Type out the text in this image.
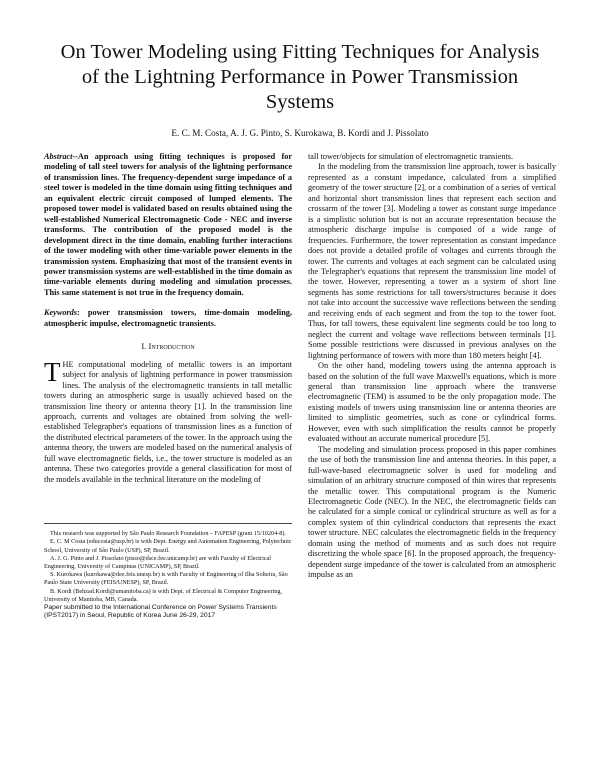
On Tower Modeling using Fitting Techniques for Analysis of the Lightning Performance in Power Transmission Systems
E. C. M. Costa, A. J. G. Pinto, S. Kurokawa, B. Kordi and J. Pissolato

Abstract--An approach using fitting techniques is proposed for modeling of tall steel towers for analysis of the lightning performance of transmission lines. The frequency-dependent surge impedance of a steel tower is modeled in the time domain using fitting techniques and an equivalent electric circuit composed of lumped elements. The proposed tower model is validated based on results obtained using the well-established Numerical Electromagnetic Code - NEC and inverse transforms. The contribution of the proposed model is the development direct in the time domain, enabling further interactions of the tower modeling with other time-variable power elements in the transmission system. Emphasizing that most of the transient events in power transmission systems are well-established in the time domain as time-variable elements during modeling and simulation processes. This same statement is not true in the frequency domain.

Keywords: power transmission towers, time-domain modeling, atmospheric impulse, electromagnetic transients.

I. Introduction

THE computational modeling of metallic towers is an important subject for analysis of lightning performance in power transmission lines. The analysis of the electromagnetic transients in tall metallic towers during an atmospheric surge is usually achieved based on the transmission line theory or antenna theory [1]. In the transmission line approach, currents and voltages are obtained from solving the well-established Telegrapher's equations of transmission lines as a function of the distributed electrical parameters of the tower. In the approach using the antenna theory, the towers are modeled based on the numerical analysis of full wave electromagnetic fields, i.e., the tower structure is modeled as an antenna. These two categories provide a general classification for most of the models available in the technical literature on the modeling of

This research was supported by São Paulo Research Foundation – FAPESP (grant 15/10204-8).

E. C. M Costa (educosta@usp.br) is with Dept. Energy and Automation Engineering, Polytechnic School, University of São Paulo (USP), SP, Brazil.

A. J. G. Pinto and J. Pissolato (pisso@dsce.fee.unicamp.br) are with Faculty of Electrical Engineering, University of Campinas (UNICAMP), SP, Brazil.

S. Kurokawa (kurokawa@dee.feis.unesp.br) is with Faculty of Engineering of Ilha Solteira, São Paulo State University (FEIS/UNESP), SP, Brazil.

B. Kordi (Behzad.Kordi@umanitoba.ca) is with Dept. of Electrical & Computer Engineering, University of Manitoba, MB, Canada.

Paper submitted to the International Conference on Power Systems Transients (IPST2017) in Seoul, Republic of Korea June 26-29, 2017

tall tower/objects for simulation of electromagnetic transients.

In the modeling from the transmission line approach, tower is basically represented as a constant impedance, calculated from a simplified geometry of the tower structure [2], or a combination of a series of vertical and horizontal short transmission lines that represent each section and crossarm of the tower [3]. Modeling a tower as constant surge impedance is a simplistic solution but is not an accurate representation because the atmospheric discharge impulse is composed of a wide range of frequencies. Furthermore, the tower representation as constant impedance does not provide a detailed profile of voltages and currents through the tower. The currents and voltages at each segment can be calculated using the Telegrapher's equations that represent the transmission line model of the tower. However, representing a tower as a system of short line segments has some restrictions for tall towers/structures because it does not take into account the successive wave reflections between the sending and receiving ends of each segment and from the top to the tower foot. Thus, for tall towers, these equivalent line segments could be too long to neglect the current and voltage wave reflections between terminals [1]. Some possible restrictions were discussed in previous analyses on the lightning performance of towers with more than 180 meters height [4].

On the other hand, modeling towers using the antenna approach is based on the solution of the full wave Maxwell's equations, which is more general than transmission line approach where the transverse electromagnetic (TEM) is assumed to be the only propagation mode. The existing models of towers using transmission line or antenna theories are limited to simplistic geometries, such as cone or cylindrical forms. However, even with such simplification the results cannot be properly evaluated without an accurate numerical procedure [5].

The modeling and simulation process proposed in this paper combines the use of both the transmission line and antenna theories. In this paper, a full-wave-based electromagnetic solver is used for modeling and simulation of an arbitrary structure composed of thin wires that represents the metallic tower. This computational program is the Numeric Electromagnetic Code (NEC). In the NEC, the electromagnetic fields can be calculated for a simple conical or cylindrical structure as well as for a complex system of thin cylindrical conductors that represents the exact tower structure. NEC calculates the electromagnetic fields in the frequency domain using the method of moments and as such does not require discretizing the whole space [6]. In the proposed approach, the frequency-dependent surge impedance of the tower is calculated from an atmospheric impulse as an
